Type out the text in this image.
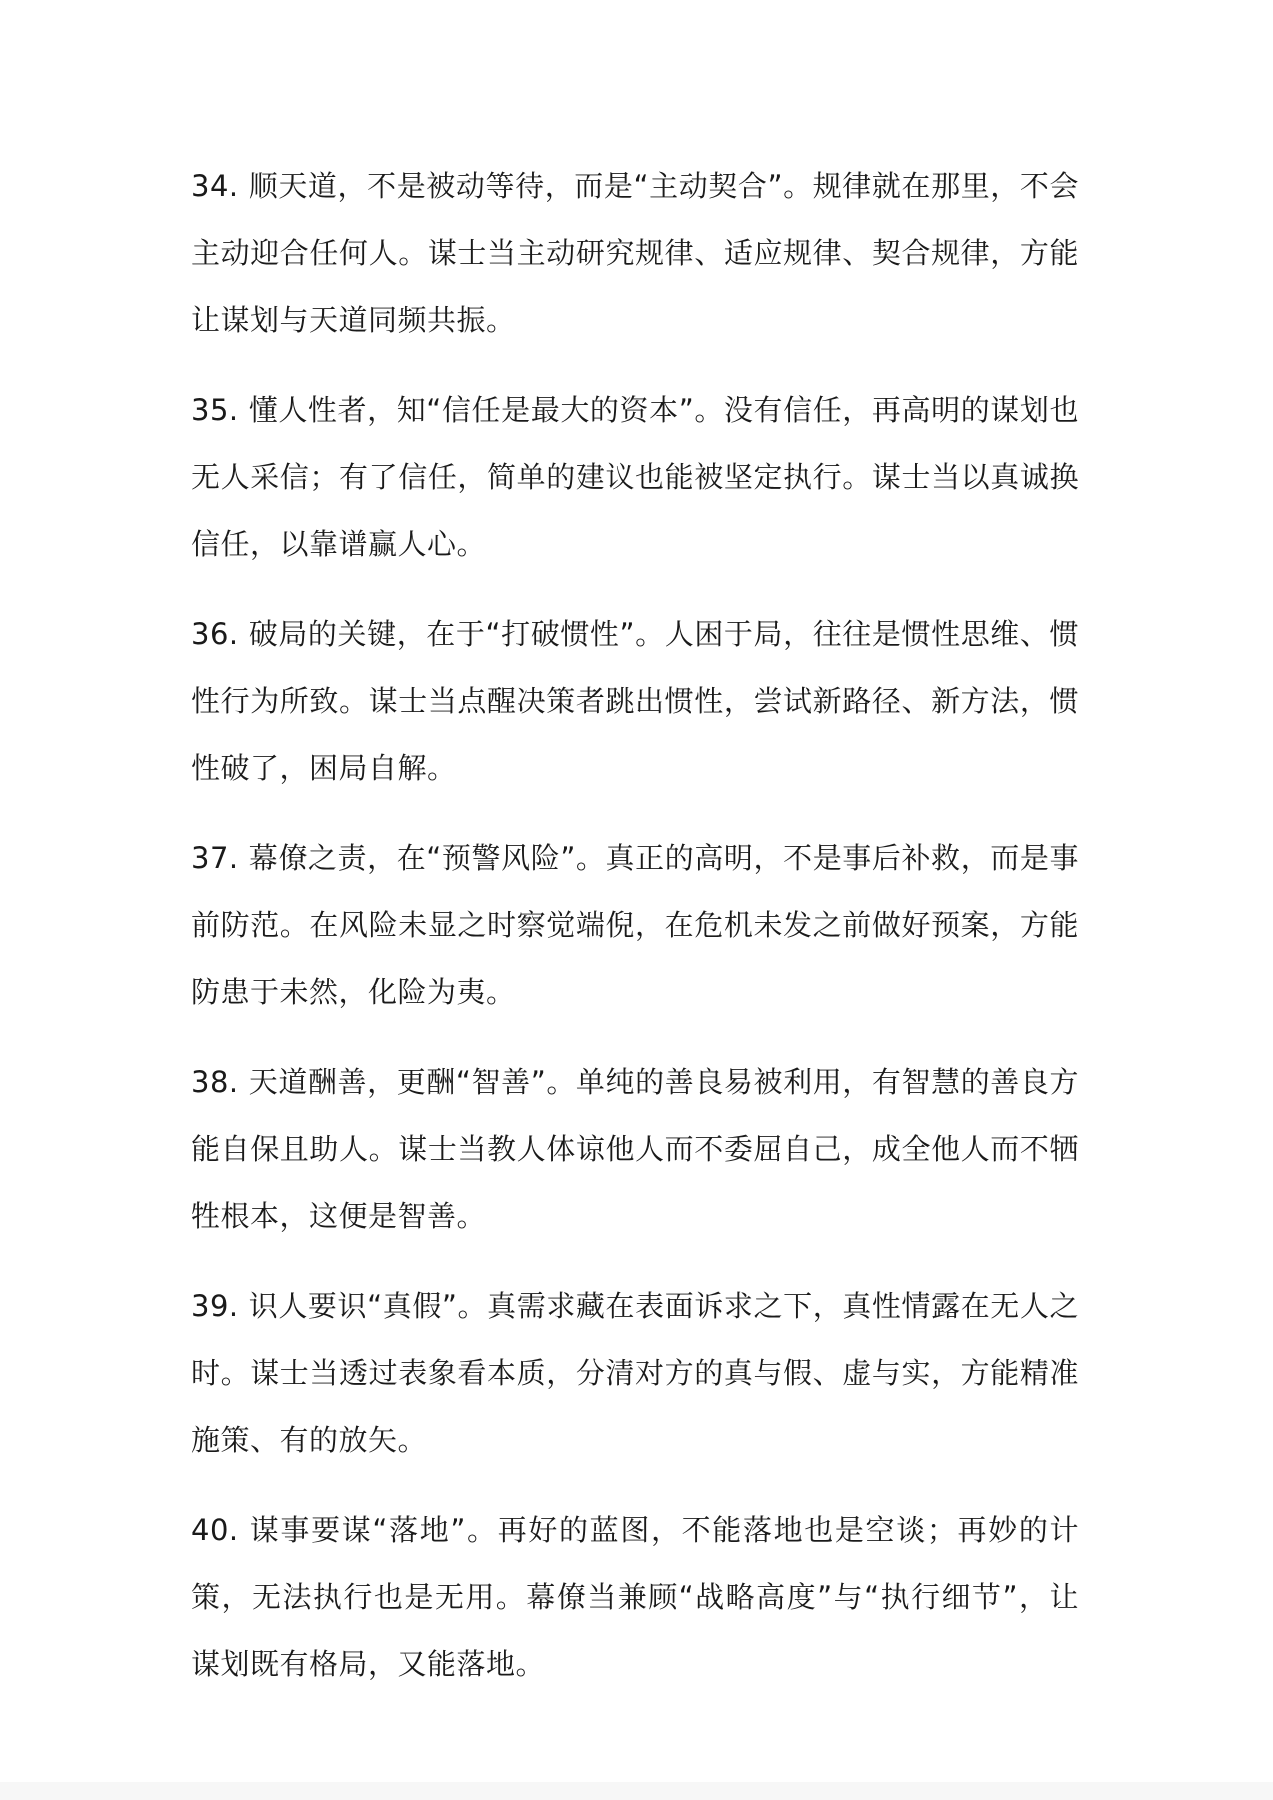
34. 顺天道，不是被动等待，而是“主动契合”。规律就在那里，不会主动迎合任何人。谋士当主动研究规律、适应规律、契合规律，方能让谋划与天道同频共振。

35. 懂人性者，知“信任是最大的资本”。没有信任，再高明的谋划也无人采信；有了信任，简单的建议也能被坚定执行。谋士当以真诚换信任，以靠谱赢人心。

36. 破局的关键，在于“打破惯性”。人困于局，往往是惯性思维、惯性行为所致。谋士当点醒决策者跳出惯性，尝试新路径、新方法，惯性破了，困局自解。

37. 幕僚之责，在“预警风险”。真正的高明，不是事后补救，而是事前防范。在风险未显之时察觉端倪，在危机未发之前做好预案，方能防患于未然，化险为夷。

38. 天道酬善，更酬“智善”。单纯的善良易被利用，有智慧的善良方能自保且助人。谋士当教人体谅他人而不委屈自己，成全他人而不牺牲根本，这便是智善。

39. 识人要识“真假”。真需求藏在表面诉求之下，真性情露在无人之时。谋士当透过表象看本质，分清对方的真与假、虚与实，方能精准施策、有的放矢。

40. 谋事要谋“落地”。再好的蓝图，不能落地也是空谈；再妙的计策，无法执行也是无用。幕僚当兼顾“战略高度”与“执行细节”，让谋划既有格局，又能落地。
